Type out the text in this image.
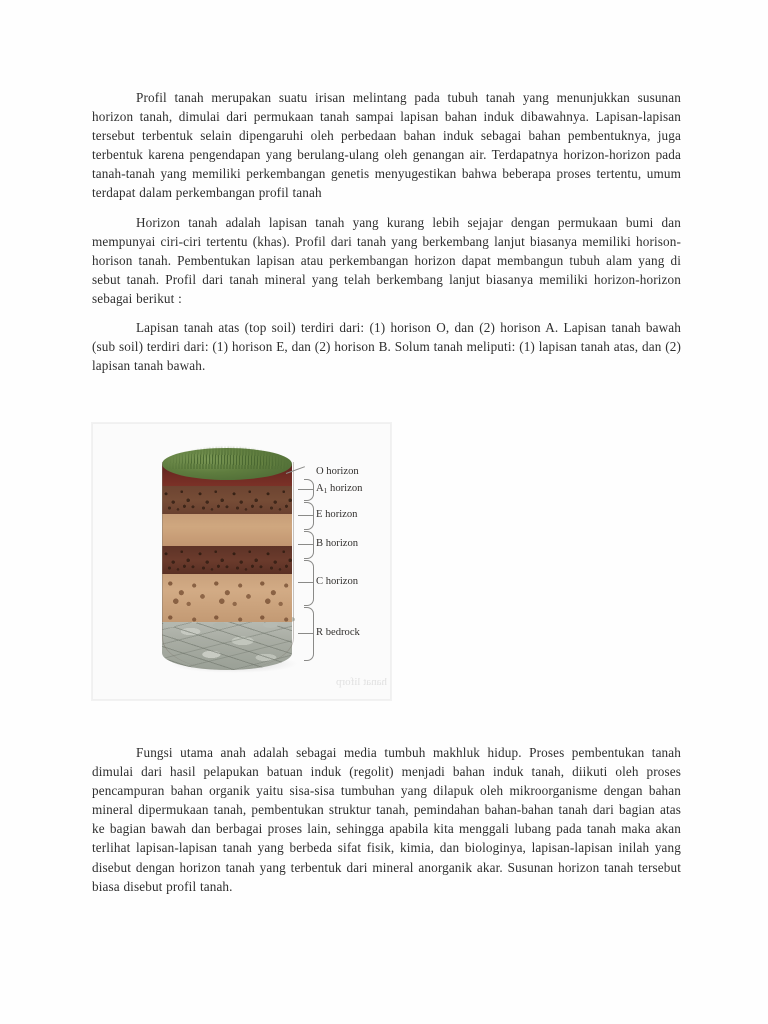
Profil tanah merupakan suatu irisan melintang pada tubuh tanah yang menunjukkan susunan horizon tanah, dimulai dari permukaan tanah sampai lapisan bahan induk dibawahnya. Lapisan-lapisan tersebut terbentuk selain dipengaruhi oleh perbedaan bahan induk sebagai bahan pembentuknya, juga terbentuk karena pengendapan yang berulang-ulang oleh genangan air. Terdapatnya horizon-horizon pada tanah-tanah yang memiliki perkembangan genetis menyugestikan bahwa beberapa proses tertentu, umum terdapat dalam perkembangan profil tanah

Horizon tanah adalah lapisan tanah yang kurang lebih sejajar dengan permukaan bumi dan mempunyai ciri-ciri tertentu (khas). Profil dari tanah yang berkembang lanjut biasanya memiliki horison-horison tanah. Pembentukan lapisan atau perkembangan horizon dapat membangun tubuh alam yang di sebut tanah. Profil dari tanah mineral yang telah berkembang lanjut biasanya memiliki horizon-horizon sebagai berikut :

Lapisan tanah atas (top soil) terdiri dari: (1) horison O, dan (2) horison A. Lapisan tanah bawah (sub soil) terdiri dari: (1) horison E, dan (2) horison B. Solum tanah meliputi: (1) lapisan tanah atas, dan (2) lapisan tanah bawah.

hanat liforp
O horizon
$A_1$ horizon
E horizon
B horizon
C horizon
R bedrock

Fungsi utama anah adalah sebagai media tumbuh makhluk hidup. Proses pembentukan tanah dimulai dari hasil pelapukan batuan induk (regolit) menjadi bahan induk tanah, diikuti oleh proses pencampuran bahan organik yaitu sisa-sisa tumbuhan yang dilapuk oleh mikroorganisme dengan bahan mineral dipermukaan tanah, pembentukan struktur tanah, pemindahan bahan-bahan tanah dari bagian atas ke bagian bawah dan berbagai proses lain, sehingga apabila kita menggali lubang pada tanah maka akan terlihat lapisan-lapisan tanah yang berbeda sifat fisik, kimia, dan biologinya, lapisan-lapisan inilah yang disebut dengan horizon tanah yang terbentuk dari mineral anorganik akar. Susunan horizon tanah tersebut biasa disebut profil tanah.
